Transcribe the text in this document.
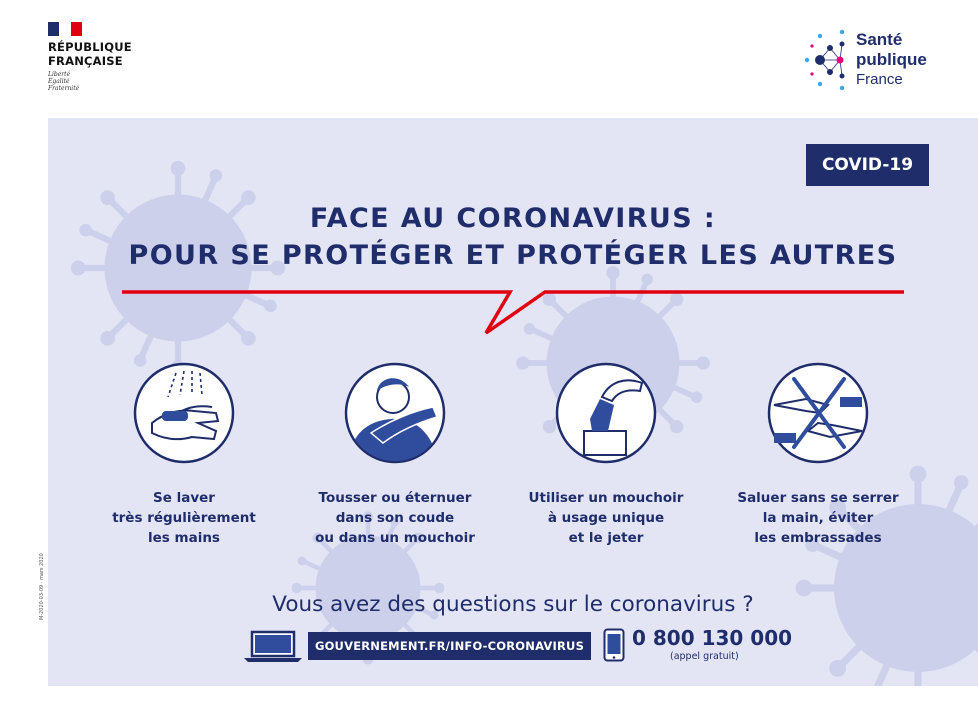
RÉPUBLIQUE
FRANÇAISE
Liberté
Égalité
Fraternité
Santé
publique
France
COVID-19
FACE AU CORONAVIRUS :
POUR SE PROTÉGER ET PROTÉGER LES AUTRES
Se laver
très régulièrement
les mains
Tousser ou éternuer
dans son coude
ou dans un mouchoir
Utiliser un mouchoir
à usage unique
et le jeter
Saluer sans se serrer
la main, éviter
les embrassades
Vous avez des questions sur le coronavirus ?
GOUVERNEMENT.FR/INFO-CORONAVIRUS	0 800 130 000
(appel gratuit)
M-2020-03-09 · mars 2020
